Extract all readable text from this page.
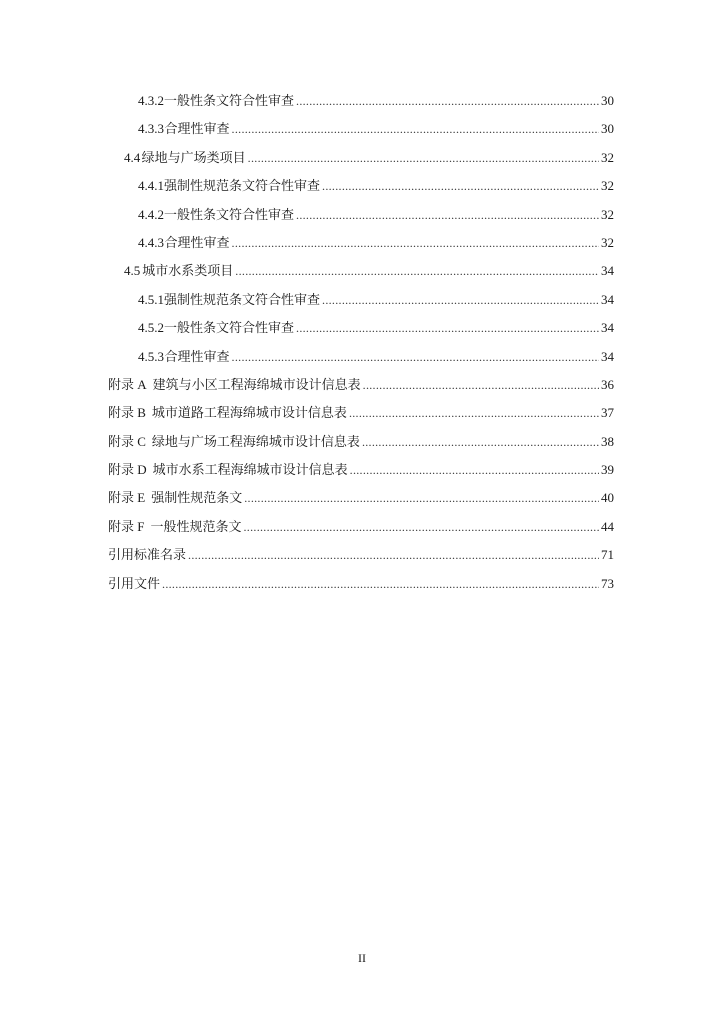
4.3.2 一般性条文符合性审查 .....	30
4.3.3 合理性审查 .....	30
4.4 绿地与广场类项目 .....	32
4.4.1 强制性规范条文符合性审查 .....	32
4.4.2 一般性条文符合性审查 .....	32
4.4.3 合理性审查 .....	32
4.5 城市水系类项目 .....	34
4.5.1 强制性规范条文符合性审查 .....	34
4.5.2 一般性条文符合性审查 .....	34
4.5.3 合理性审查 .....	34
附录 A 建筑与小区工程海绵城市设计信息表 .....	36
附录 B 城市道路工程海绵城市设计信息表 .....	37
附录 C 绿地与广场工程海绵城市设计信息表 .....	38
附录 D 城市水系工程海绵城市设计信息表 .....	39
附录 E 强制性规范条文 .....	40
附录 F 一般性规范条文 .....	44
引用标准名录 .....	71
引用文件 .....	73
II
